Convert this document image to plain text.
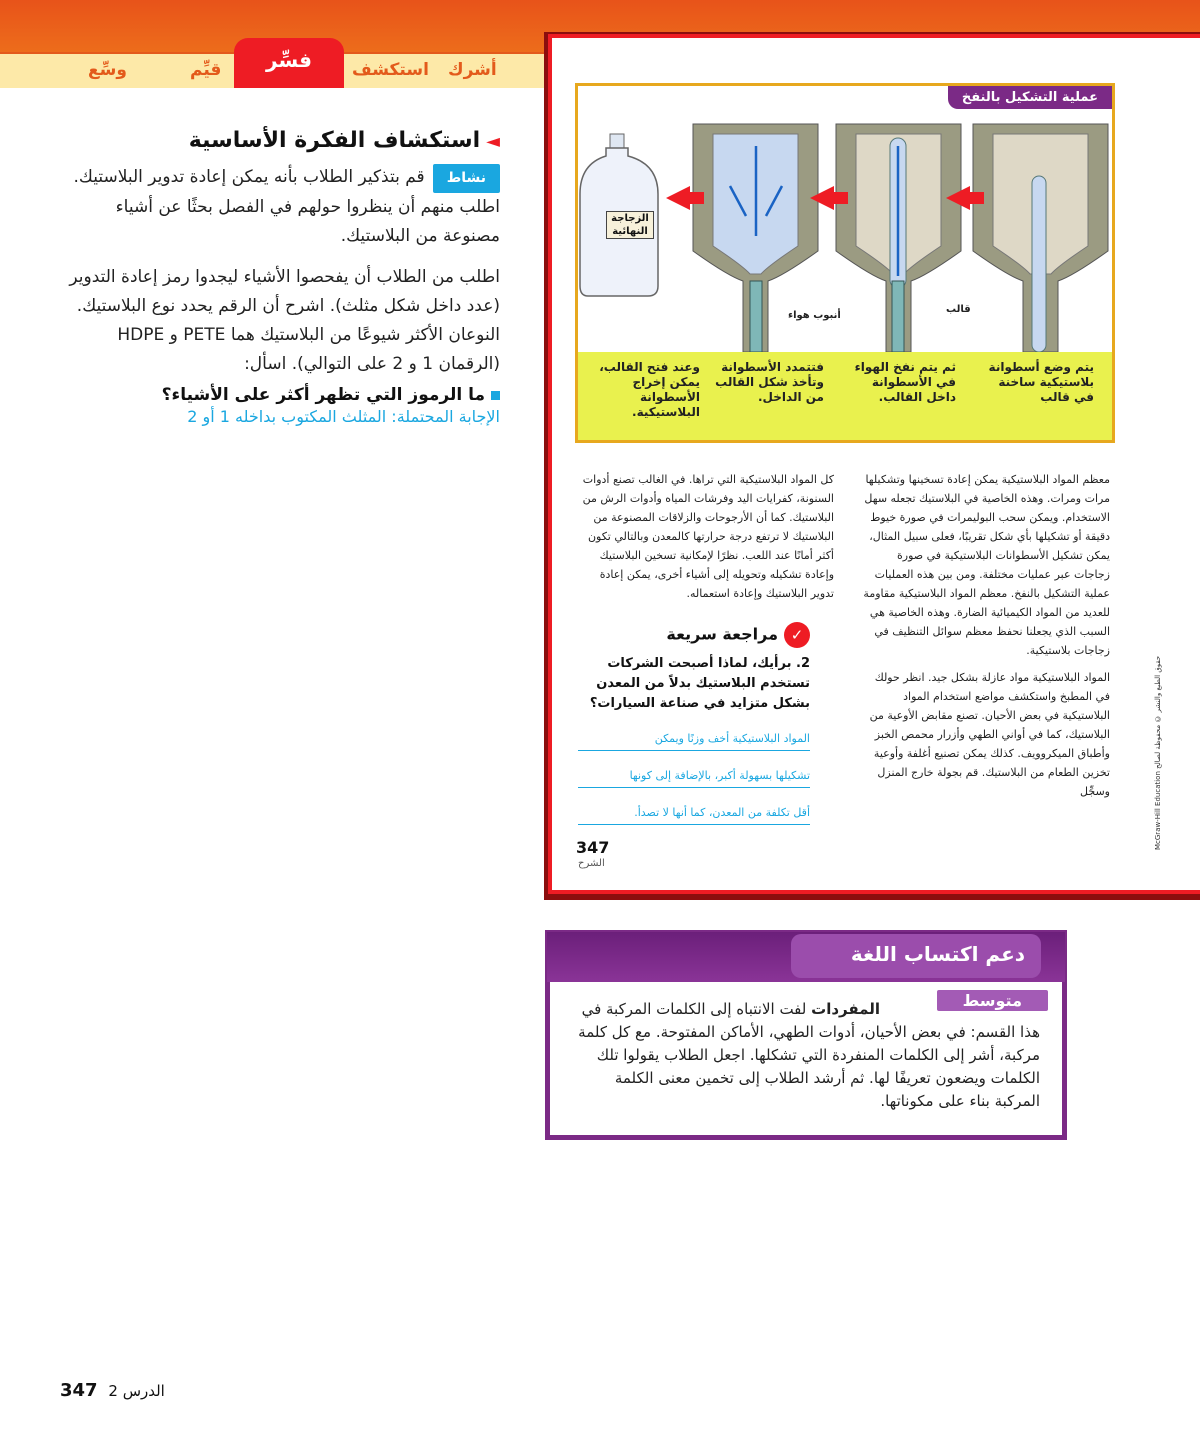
أشرك
استكشف
قيِّم
وسِّع	فسِّر
◄استكشاف الفكرة الأساسية

نشاطقم بتذكير الطلاب بأنه يمكن إعادة تدوير البلاستيك. اطلب منهم أن ينظروا حولهم في الفصل بحثًا عن أشياء مصنوعة من البلاستيك.

اطلب من الطلاب أن يفحصوا الأشياء ليجدوا رمز إعادة التدوير (عدد داخل شكل مثلث). اشرح أن الرقم يحدد نوع البلاستيك. النوعان الأكثر شيوعًا من البلاستيك هما PETE و HDPE (الرقمان 1 و 2 على التوالي). اسأل:

ما الرموز التي تظهر أكثر على الأشياء؟

الإجابة المحتملة: المثلث المكتوب بداخله 1 أو 2

347 2 الدرس
عملية التشكيل بالنفخ
الزجاجة النهائية
قالب
أنبوب هواء
يتم وضع أسطوانة بلاستيكية ساخنة في قالب
ثم يتم نفخ الهواء في الأسطوانة داخل القالب.
فتتمدد الأسطوانة وتأخذ شكل القالب من الداخل.
وعند فتح القالب، يمكن إخراج الأسطوانة البلاستيكية.

معظم المواد البلاستيكية يمكن إعادة تسخينها وتشكيلها مرات ومرات. وهذه الخاصية في البلاستيك تجعله سهل الاستخدام. ويمكن سحب البوليمرات في صورة خيوط دقيقة أو تشكيلها بأي شكل تقريبًا، فعلى سبيل المثال، يمكن تشكيل الأسطوانات البلاستيكية في صورة زجاجات عبر عمليات مختلفة. ومن بين هذه العمليات عملية التشكيل بالنفخ. معظم المواد البلاستيكية مقاومة للعديد من المواد الكيميائية الضارة. وهذه الخاصية هي السبب الذي يجعلنا نحفظ معظم سوائل التنظيف في زجاجات بلاستيكية.

المواد البلاستيكية مواد عازلة بشكل جيد. انظر حولك في المطبخ واستكشف مواضع استخدام المواد البلاستيكية في بعض الأحيان. تصنع مقابض الأوعية من البلاستيك، كما في أواني الطهي وأزرار محمص الخبز وأطباق الميكروويف. كذلك يمكن تصنيع أغلفة وأوعية تخزين الطعام من البلاستيك. قم بجولة خارج المنزل وسجِّل

كل المواد البلاستيكية التي تراها. في الغالب تصنع أدوات السنونة، كفرايات اليد وفرشات المياه وأدوات الرش من البلاستيك. كما أن الأرجوحات والزلاقات المصنوعة من البلاستيك لا ترتفع درجة حرارتها كالمعدن وبالتالي تكون أكثر أمانًا عند اللعب. نظرًا لإمكانية تسخين البلاستيك وإعادة تشكيله وتحويله إلى أشياء أخرى، يمكن إعادة تدوير البلاستيك وإعادة استعماله.

✓مراجعة سريعة
2. برأيك، لماذا أصبحت الشركات تستخدم البلاستيك بدلاً من المعدن بشكل متزايد في صناعة السيارات؟
المواد البلاستيكية أخف وزنًا ويمكن
تشكيلها بسهولة أكبر، بالإضافة إلى كونها
أقل تكلفة من المعدن، كما أنها لا تصدأ.
347
الشرح
McGraw-Hill Education حقوق الطبع والنشر © محفوظة لصالح
دعم اكتساب اللغة
متوسط

المفردات لفت الانتباه إلى الكلمات المركبة في هذا القسم: في بعض الأحيان، أدوات الطهي، الأماكن المفتوحة. مع كل كلمة مركبة، أشر إلى الكلمات المنفردة التي تشكلها. اجعل الطلاب يقولوا تلك الكلمات ويضعون تعريفًا لها. ثم أرشد الطلاب إلى تخمين معنى الكلمة المركبة بناء على مكوناتها.
